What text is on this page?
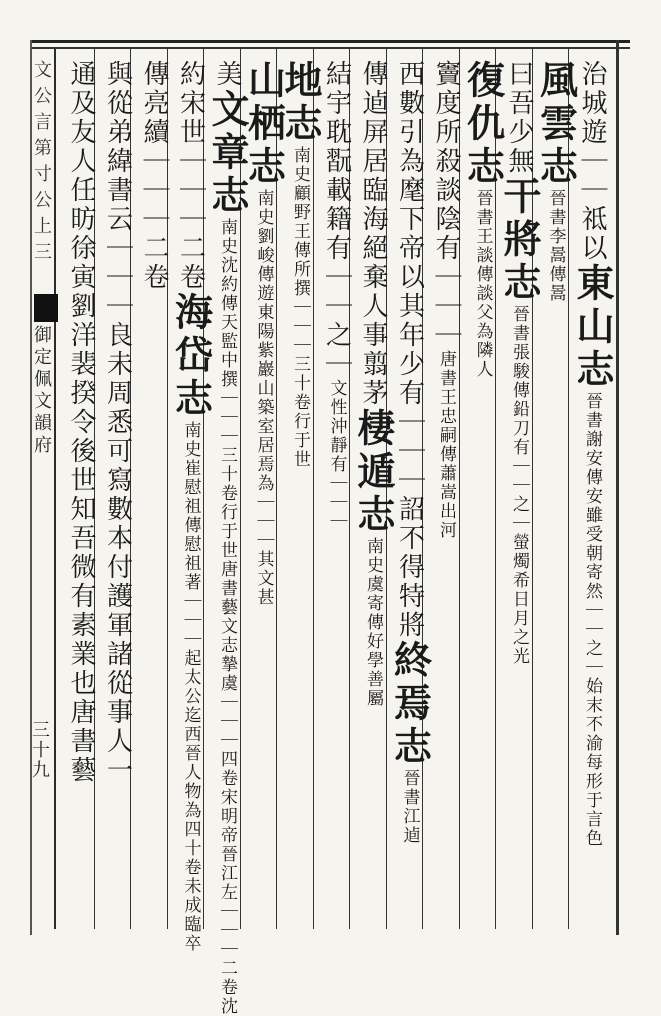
文公言第寸公上三
御定佩文韻府
三十九
治城遊｜｜祗以東山志晉書謝安傳安雖受朝寄然｜｜之｜始末不渝每形于言色
風雲志晉書李暠傳暠
曰吾少無干將志晉書張駿傳鉛刀有｜｜之｜螢燭希日月之光
復仇志晉書王談傳談父為隣人
竇度所殺談陰有｜｜｜唐書王忠嗣傳蕭嵩出河
西數引為麾下帝以其年少有｜｜｜詔不得特將終焉志晉書江逌
傳逌屏居臨海絕棄人事翦茅棲遁志南史虞寄傳好學善屬
結宇耽翫載籍有｜｜之｜文性沖靜有｜｜｜
地志南史顧野王傳所撰｜｜｜三十卷行于世
山栖志南史劉峻傳遊東陽紫巖山築室居焉為｜｜｜其文甚
美文章志南史沈約傳天監中撰｜｜｜三十卷行于世唐書藝文志摯虞｜｜｜四卷宋明帝晉江左｜｜｜二卷沈
約宋世｜｜｜二卷海岱志南史崔慰祖傳慰祖著｜｜｜起太公迄西晉人物為四十卷未成臨卒
傳亮續｜｜｜二卷
與從弟緯書云｜｜｜良未周悉可寫數本付護軍諸從事人一
通及友人任昉徐寅劉洋裴揆令後世知吾微有素業也唐書藝
